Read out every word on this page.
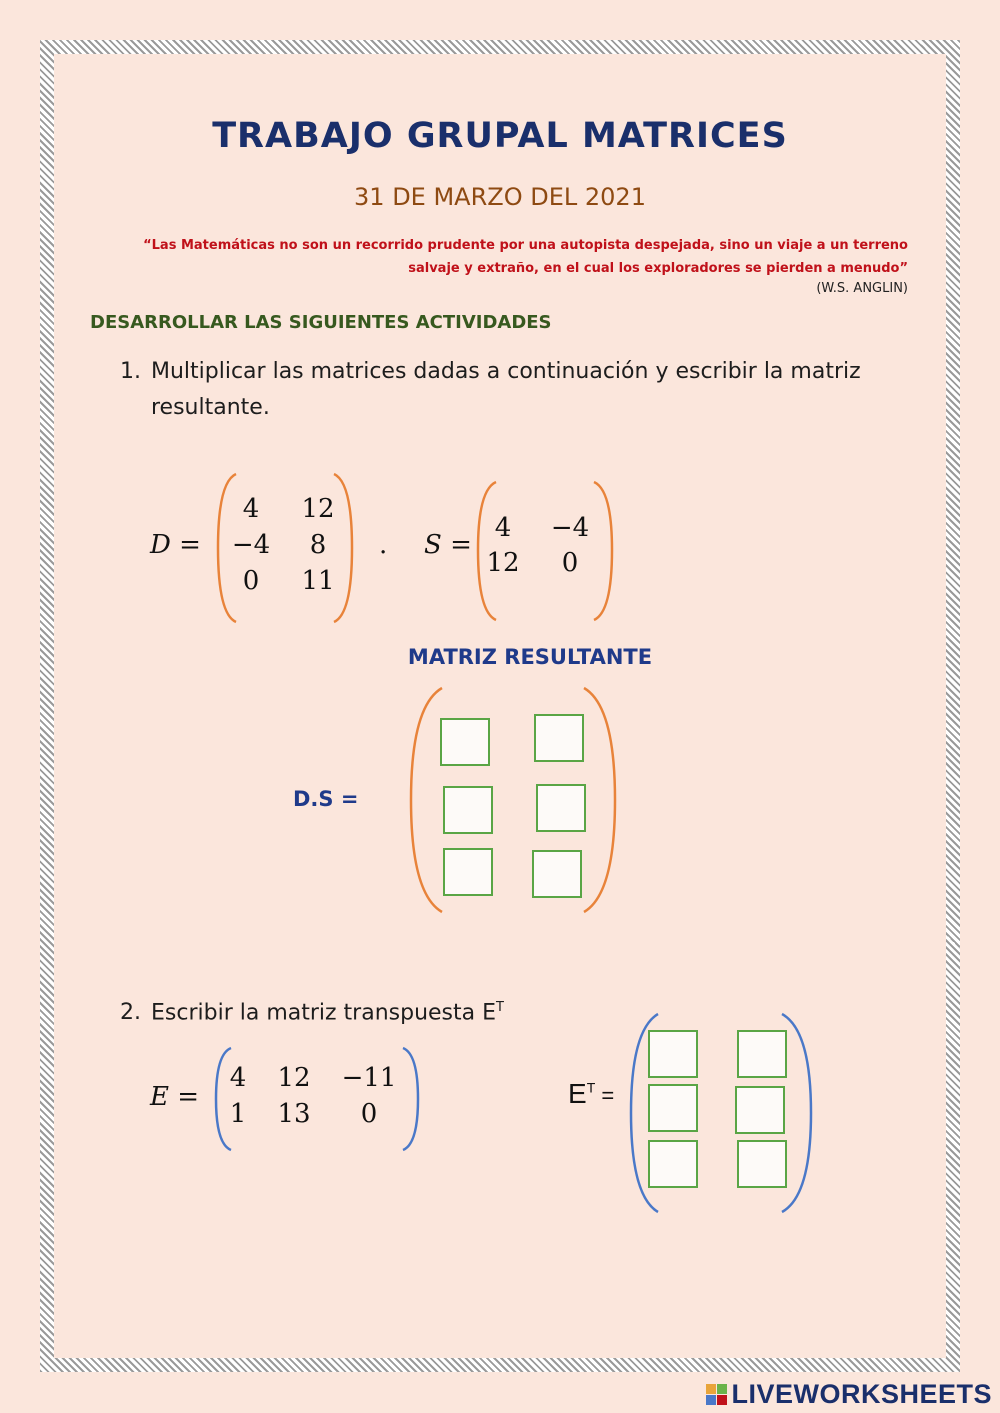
TRABAJO GRUPAL MATRICES
31 DE MARZO DEL 2021
“Las Matemáticas no son un recorrido prudente por una autopista despejada, sino un viaje a un terreno
salvaje y extraño, en el cual los exploradores se pierden a menudo”
(W.S. ANGLIN)
DESARROLLAR LAS SIGUIENTES ACTIVIDADES
1. Multiplicar las matrices dadas a continuación y escribir la matriz
resultante.
D =
4	12
−4	8
0	11
. S =
4	−4
12	0
MATRIZ RESULTANTE
D.S =
2. Escribir la matriz transpuesta $E^T$
E =
4	12	−11
1	13	0
$E^T$ =
LIVEWORKSHEETS
